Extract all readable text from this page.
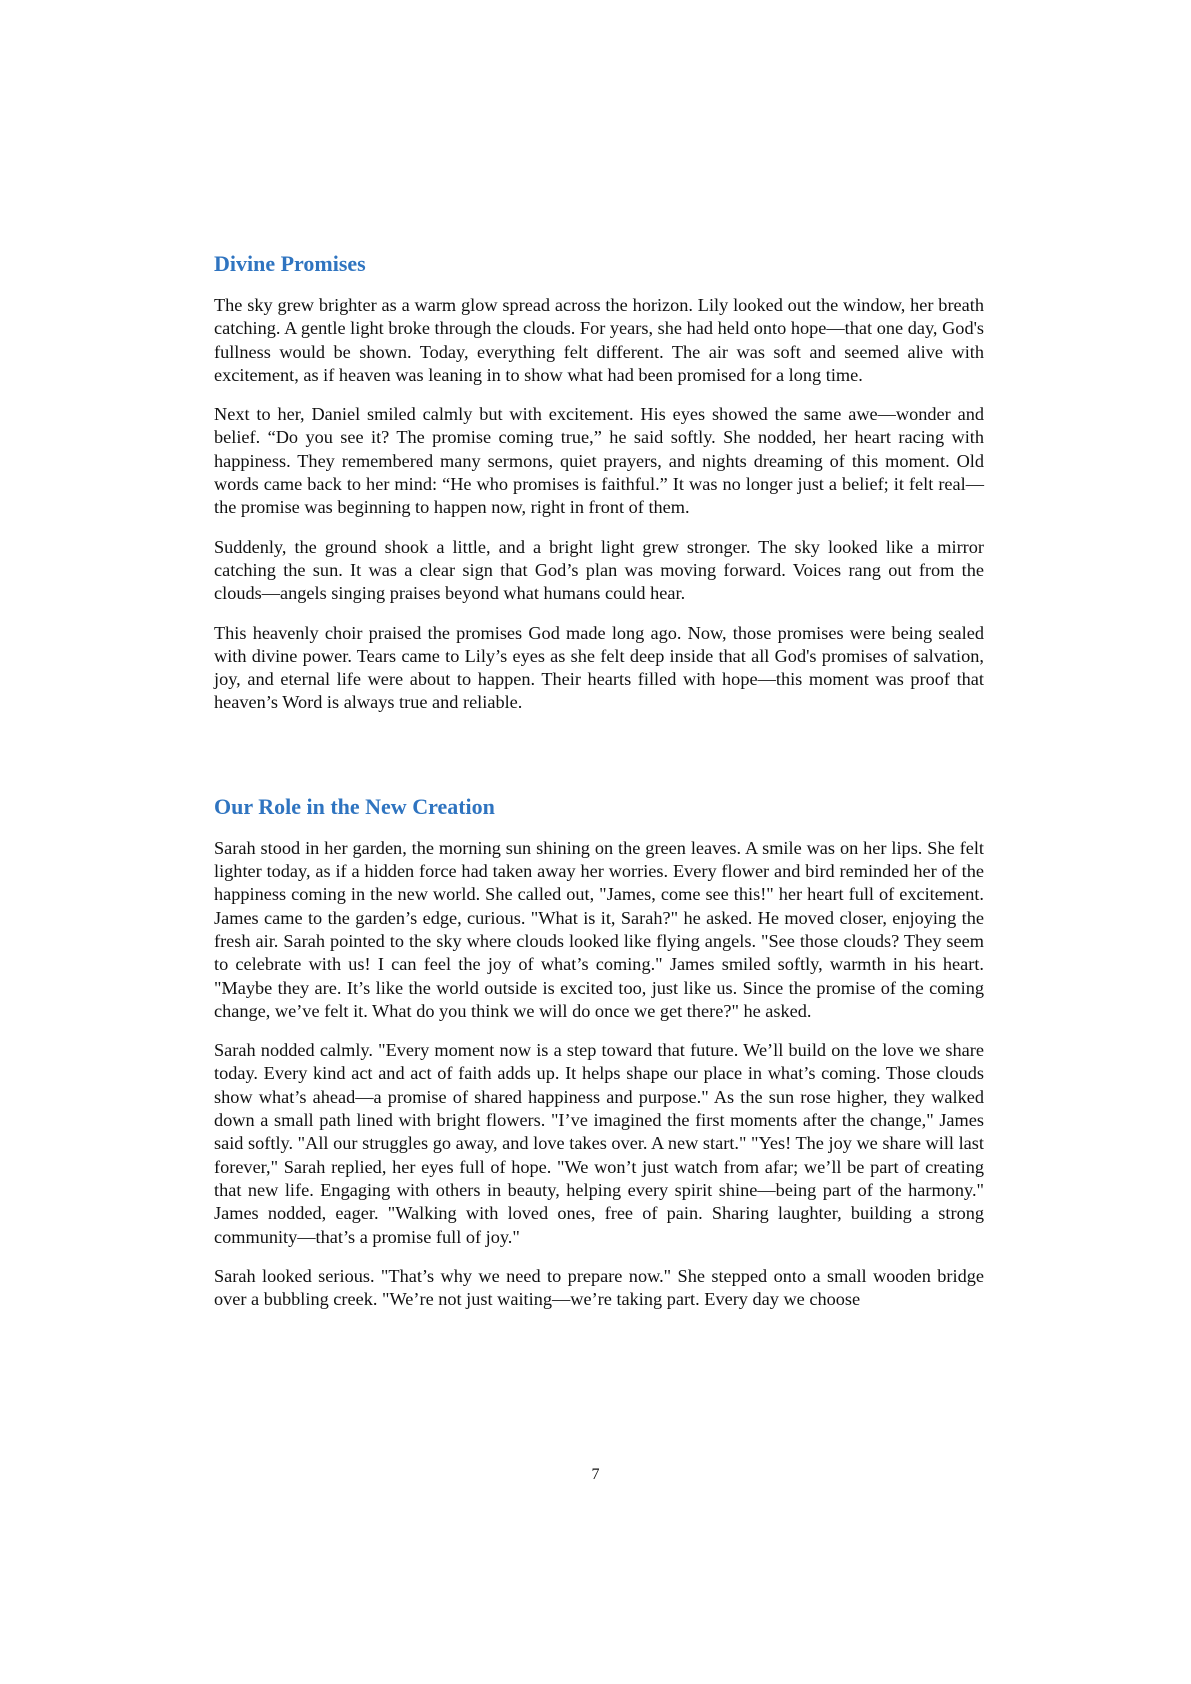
Divine Promises

The sky grew brighter as a warm glow spread across the horizon. Lily looked out the window, her breath catching. A gentle light broke through the clouds. For years, she had held onto hope—that one day, God's fullness would be shown. Today, everything felt different. The air was soft and seemed alive with excitement, as if heaven was leaning in to show what had been promised for a long time.

Next to her, Daniel smiled calmly but with excitement. His eyes showed the same awe—wonder and belief. “Do you see it? The promise coming true,” he said softly. She nodded, her heart racing with happiness. They remembered many sermons, quiet prayers, and nights dreaming of this moment. Old words came back to her mind: “He who promises is faithful.” It was no longer just a belief; it felt real—the promise was beginning to happen now, right in front of them.

Suddenly, the ground shook a little, and a bright light grew stronger. The sky looked like a mirror catching the sun. It was a clear sign that God’s plan was moving forward. Voices rang out from the clouds—angels singing praises beyond what humans could hear.

This heavenly choir praised the promises God made long ago. Now, those promises were being sealed with divine power. Tears came to Lily’s eyes as she felt deep inside that all God's promises of salvation, joy, and eternal life were about to happen. Their hearts filled with hope—this moment was proof that heaven’s Word is always true and reliable.

Our Role in the New Creation

Sarah stood in her garden, the morning sun shining on the green leaves. A smile was on her lips. She felt lighter today, as if a hidden force had taken away her worries. Every flower and bird reminded her of the happiness coming in the new world. She called out, "James, come see this!" her heart full of excitement. James came to the garden’s edge, curious. "What is it, Sarah?" he asked. He moved closer, enjoying the fresh air. Sarah pointed to the sky where clouds looked like flying angels. "See those clouds? They seem to celebrate with us! I can feel the joy of what’s coming." James smiled softly, warmth in his heart. "Maybe they are. It’s like the world outside is excited too, just like us. Since the promise of the coming change, we’ve felt it. What do you think we will do once we get there?" he asked.

Sarah nodded calmly. "Every moment now is a step toward that future. We’ll build on the love we share today. Every kind act and act of faith adds up. It helps shape our place in what’s coming. Those clouds show what’s ahead—a promise of shared happiness and purpose." As the sun rose higher, they walked down a small path lined with bright flowers. "I’ve imagined the first moments after the change," James said softly. "All our struggles go away, and love takes over. A new start." "Yes! The joy we share will last forever," Sarah replied, her eyes full of hope. "We won’t just watch from afar; we’ll be part of creating that new life. Engaging with others in beauty, helping every spirit shine—being part of the harmony." James nodded, eager. "Walking with loved ones, free of pain. Sharing laughter, building a strong community—that’s a promise full of joy."

Sarah looked serious. "That’s why we need to prepare now." She stepped onto a small wooden bridge over a bubbling creek. "We’re not just waiting—we’re taking part. Every day we choose

7
